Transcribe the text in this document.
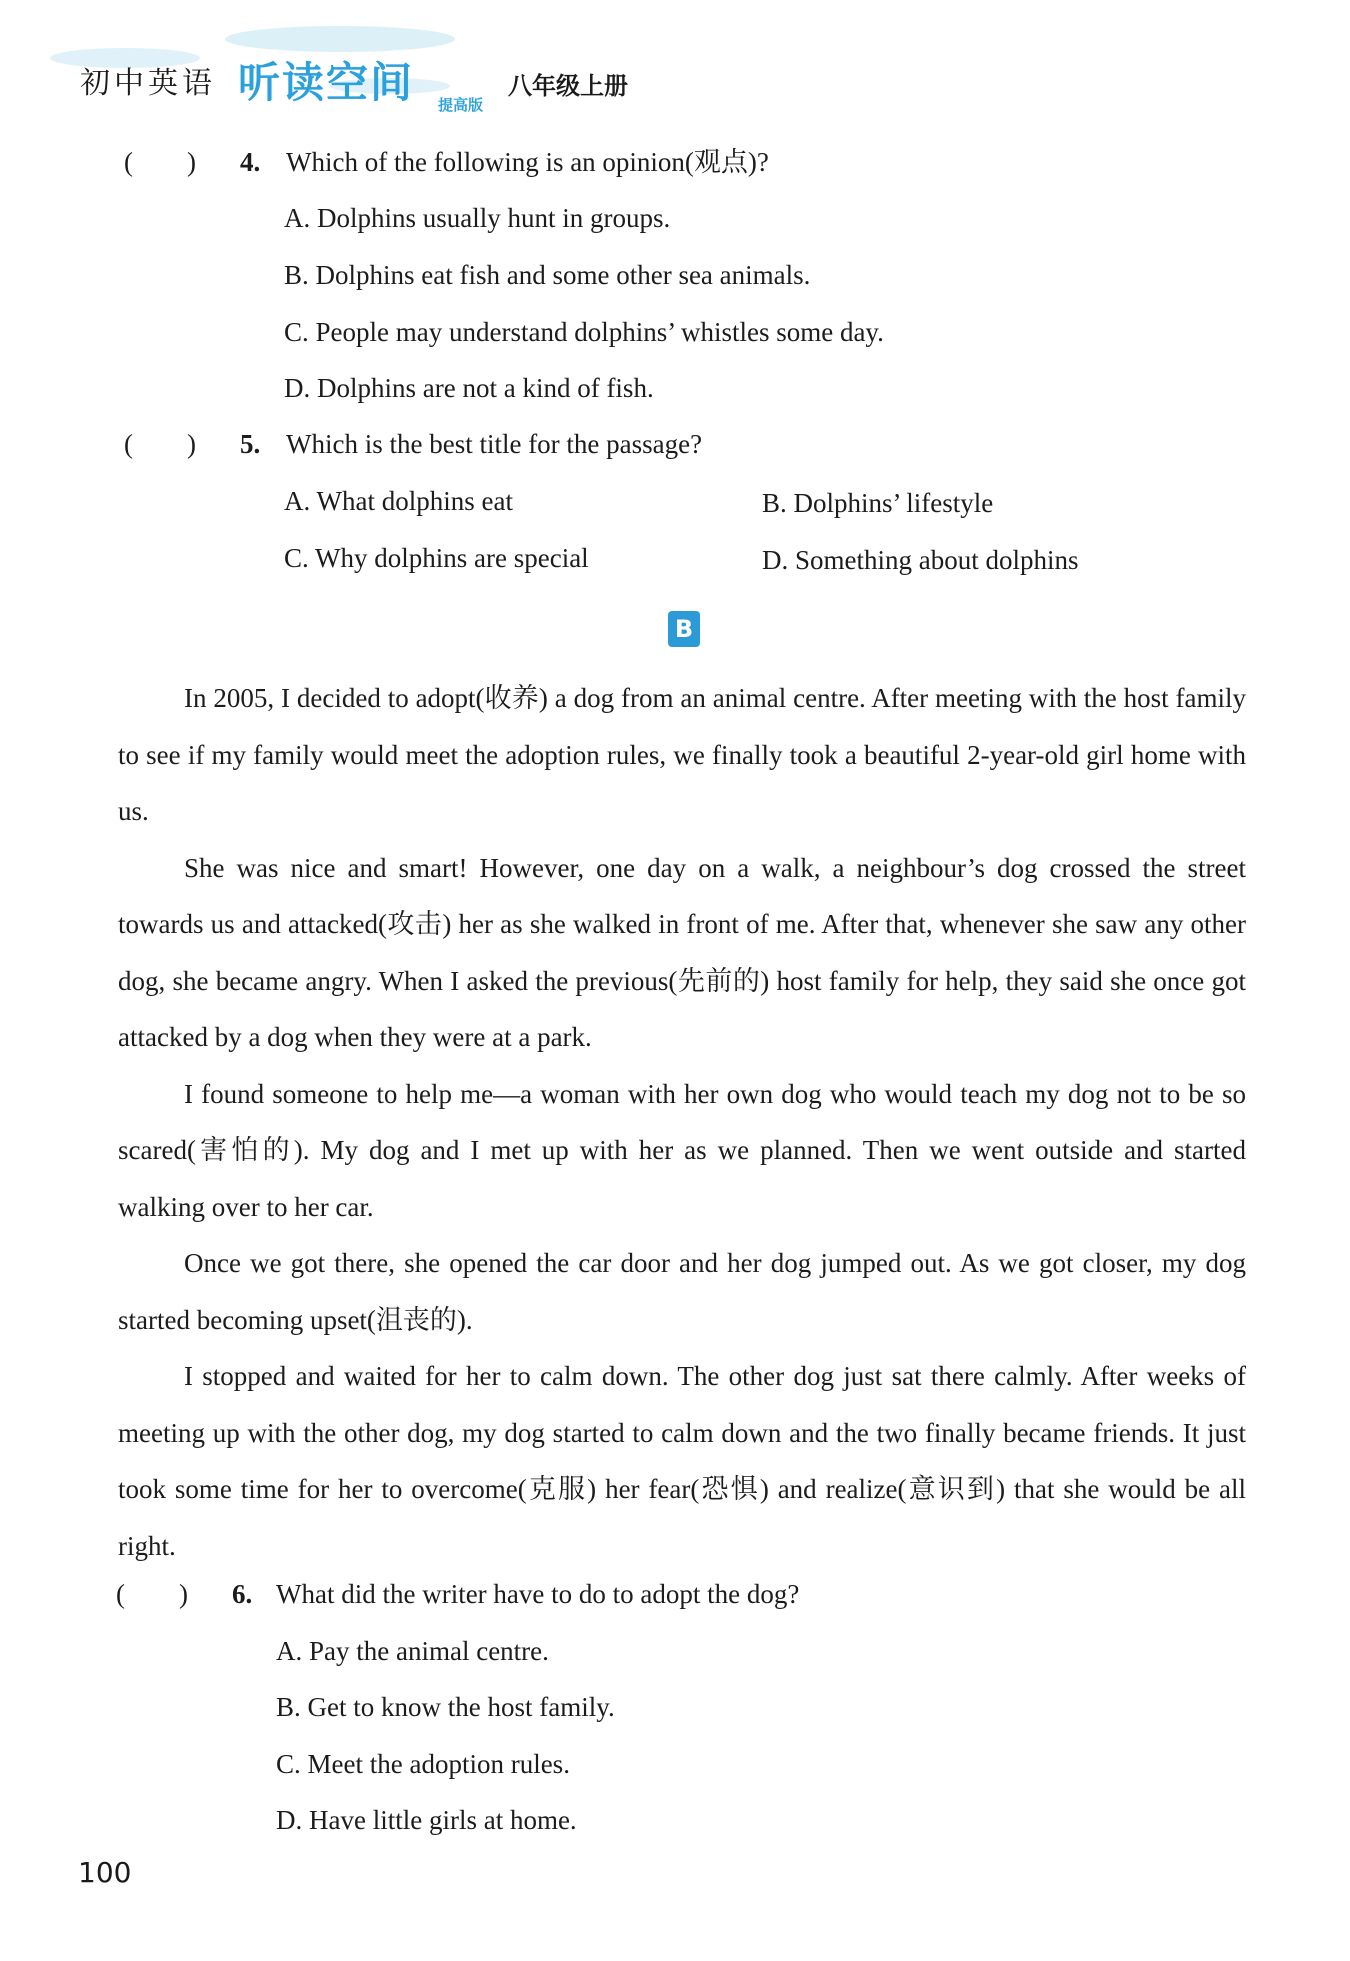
初中英语 听读空间 提高版
八年级上册
(　　) 4. Which of the following is an opinion(观点)?
A. Dolphins usually hunt in groups.
B. Dolphins eat fish and some other sea animals.
C. People may understand dolphins’ whistles some day.
D. Dolphins are not a kind of fish.
(　　) 5. Which is the best title for the passage?
A. What dolphins eat	B. Dolphins’ lifestyle
C. Why dolphins are special	D. Something about dolphins
B

In 2005, I decided to adopt(收养) a dog from an animal centre. After meeting with the host family to see if my family would meet the adoption rules, we finally took a beautiful 2-year-old girl home with us.

She was nice and smart! However, one day on a walk, a neighbour’s dog crossed the street towards us and attacked(攻击) her as she walked in front of me. After that, whenever she saw any other dog, she became angry. When I asked the previous(先前的) host family for help, they said she once got attacked by a dog when they were at a park.

I found someone to help me—a woman with her own dog who would teach my dog not to be so scared(害怕的). My dog and I met up with her as we planned. Then we went outside and started walking over to her car.

Once we got there, she opened the car door and her dog jumped out. As we got closer, my dog started becoming upset(沮丧的).

I stopped and waited for her to calm down. The other dog just sat there calmly. After weeks of meeting up with the other dog, my dog started to calm down and the two finally became friends. It just took some time for her to overcome(克服) her fear(恐惧) and realize(意识到) that she would be all right.

(　　) 6. What did the writer have to do to adopt the dog?
A. Pay the animal centre.
B. Get to know the host family.
C. Meet the adoption rules.
D. Have little girls at home.
100
